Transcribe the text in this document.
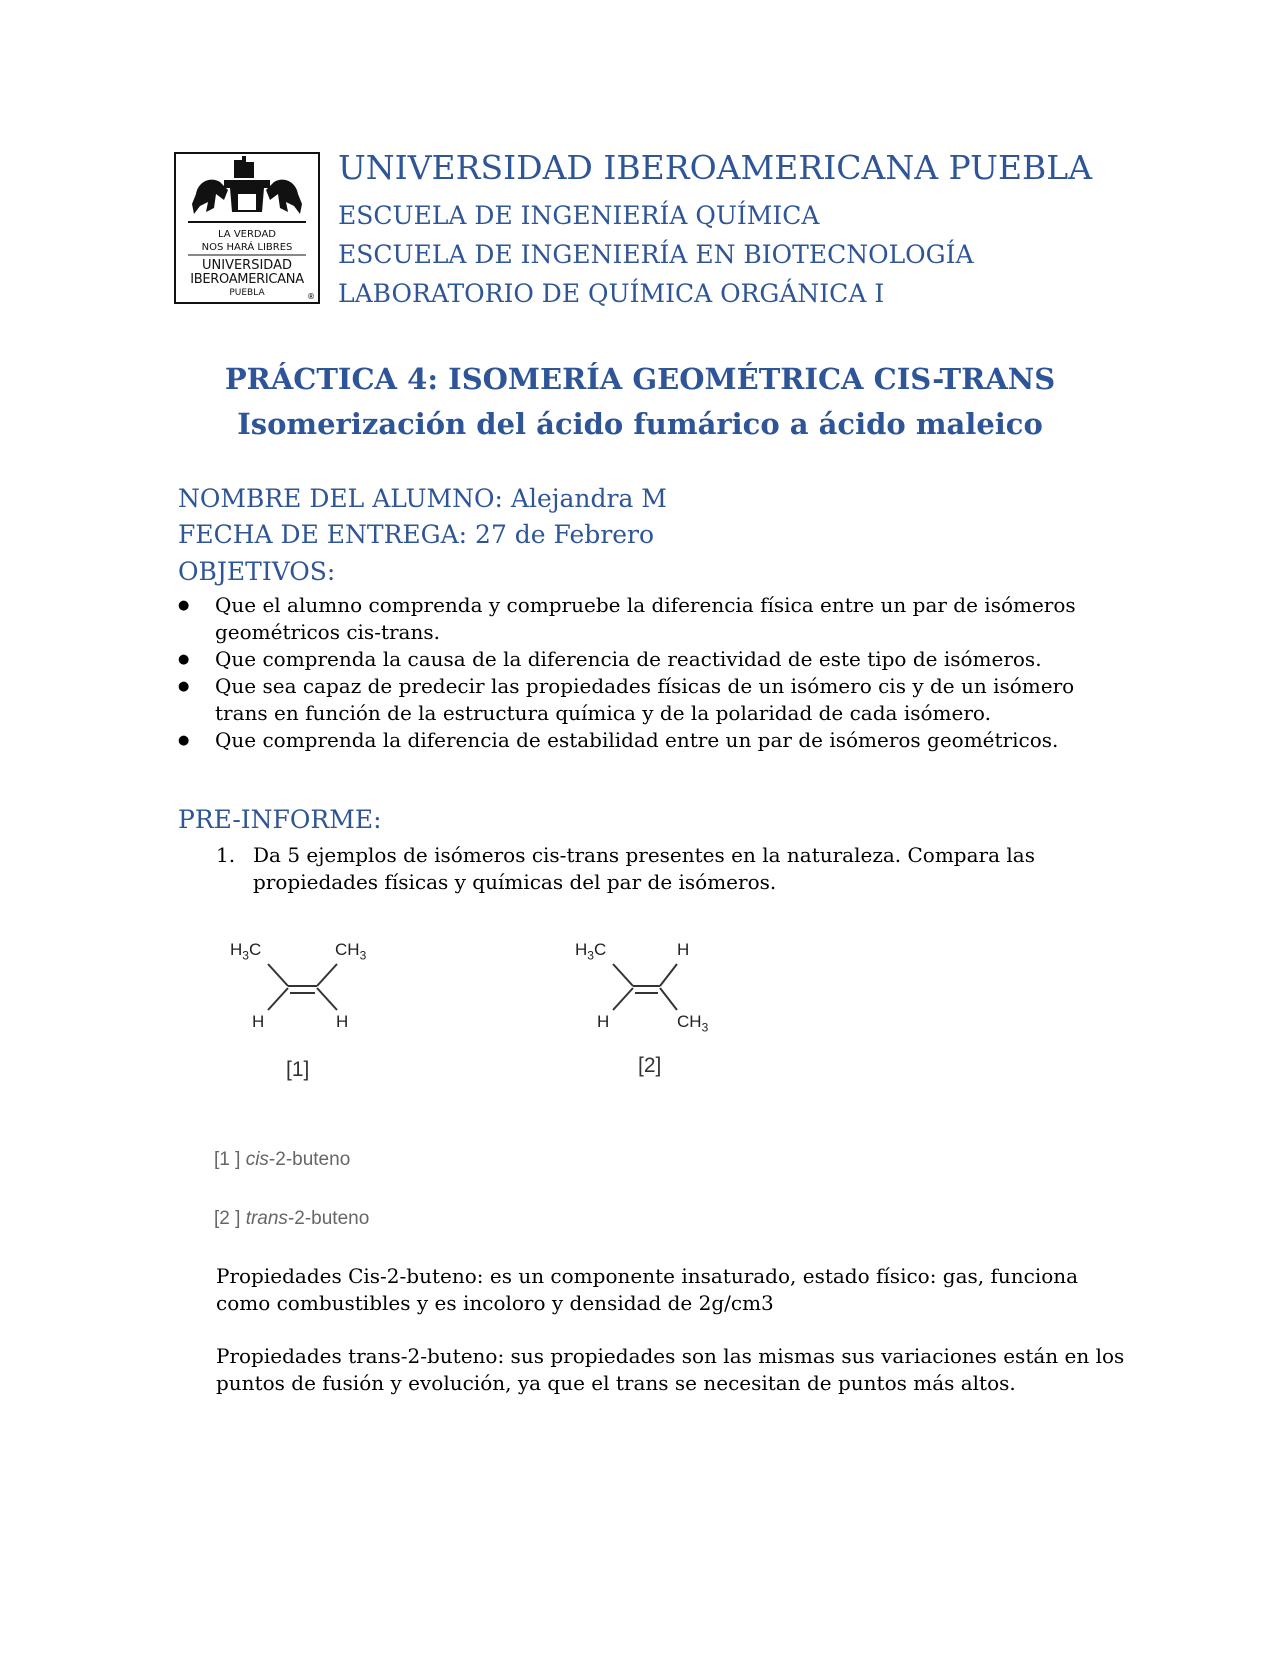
LA VERDAD
NOS HARÁ LIBRES
UNIVERSIDAD
IBEROAMERICANA
PUEBLA	®
UNIVERSIDAD IBEROAMERICANA PUEBLA
ESCUELA DE INGENIERÍA QUÍMICA
ESCUELA DE INGENIERÍA EN BIOTECNOLOGÍA
LABORATORIO DE QUÍMICA ORGÁNICA I
PRÁCTICA 4: ISOMERÍA GEOMÉTRICA CIS-TRANS
Isomerización del ácido fumárico a ácido maleico
NOMBRE DEL ALUMNO: Alejandra M
FECHA DE ENTREGA: 27 de Febrero
OBJETIVOS:
● Que el alumno comprenda y compruebe la diferencia física entre un par de isómeros geométricos cis-trans.
● Que comprenda la causa de la diferencia de reactividad de este tipo de isómeros.
● Que sea capaz de predecir las propiedades físicas de un isómero cis y de un isómero trans en función de la estructura química y de la polaridad de cada isómero.
● Que comprenda la diferencia de estabilidad entre un par de isómeros geométricos.
PRE-INFORME:
1. Da 5 ejemplos de isómeros cis-trans presentes en la naturaleza. Compara las propiedades físicas y químicas del par de isómeros.
$H_3C$	$CH_3$
H	H
[1]
$H_3C$	H
H	$CH_3$
[2]
[1 ] cis-2-buteno
[2 ] trans-2-buteno
Propiedades Cis-2-buteno: es un componente insaturado, estado físico: gas, funciona como combustibles y es incoloro y densidad de 2g/cm3
Propiedades trans-2-buteno: sus propiedades son las mismas sus variaciones están en los puntos de fusión y evolución, ya que el trans se necesitan de puntos más altos.
